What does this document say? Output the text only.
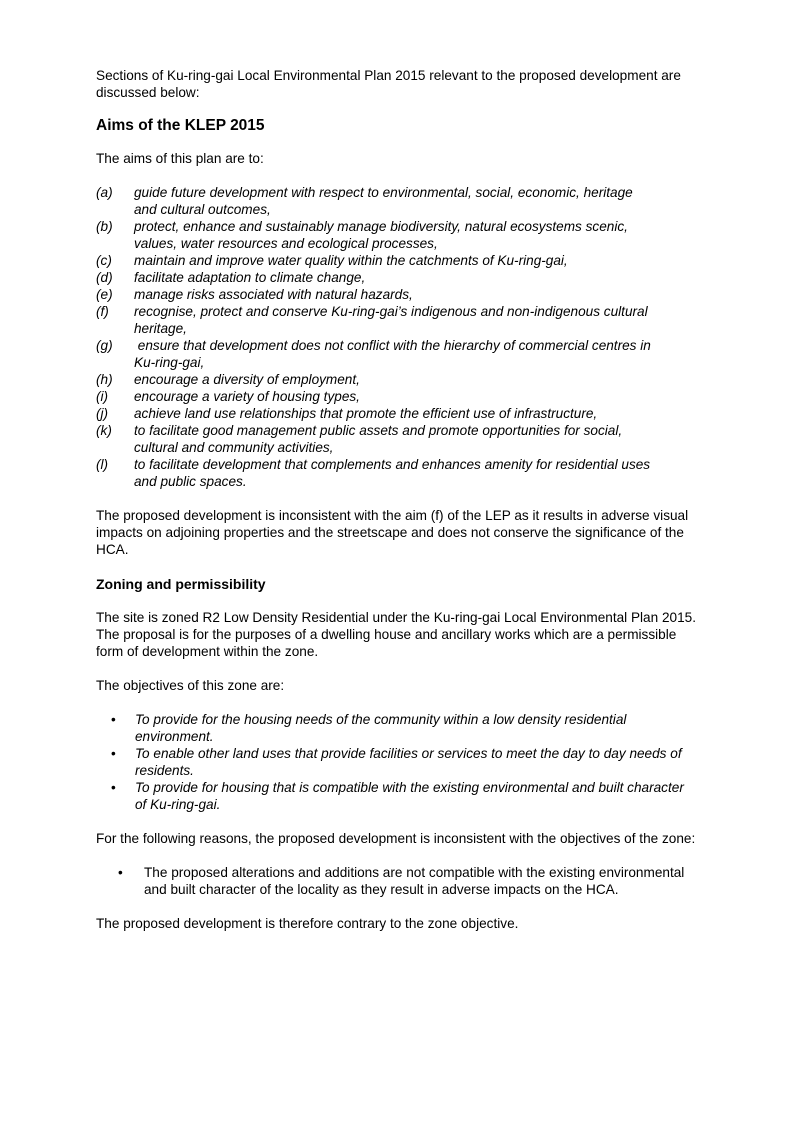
Sections of Ku-ring-gai Local Environmental Plan 2015 relevant to the proposed development are discussed below:

Aims of the KLEP 2015

The aims of this plan are to:

(a)	guide future development with respect to environmental, social, economic, heritage and cultural outcomes,
(b)	protect, enhance and sustainably manage biodiversity, natural ecosystems scenic, values, water resources and ecological processes,
(c)	maintain and improve water quality within the catchments of Ku-ring-gai,
(d)	facilitate adaptation to climate change,
(e)	manage risks associated with natural hazards,
(f)	recognise, protect and conserve Ku-ring-gai’s indigenous and non-indigenous cultural heritage,
(g)	ensure that development does not conflict with the hierarchy of commercial centres in Ku-ring-gai,
(h)	encourage a diversity of employment,
(i)	encourage a variety of housing types,
(j)	achieve land use relationships that promote the efficient use of infrastructure,
(k)	to facilitate good management public assets and promote opportunities for social, cultural and community activities,
(l)	to facilitate development that complements and enhances amenity for residential uses and public spaces.

The proposed development is inconsistent with the aim (f) of the LEP as it results in adverse visual impacts on adjoining properties and the streetscape and does not conserve the significance of the HCA.

Zoning and permissibility

The site is zoned R2 Low Density Residential under the Ku-ring-gai Local Environmental Plan 2015. The proposal is for the purposes of a dwelling house and ancillary works which are a permissible form of development within the zone.

The objectives of this zone are:

•	To provide for the housing needs of the community within a low density residential environment.
•	To enable other land uses that provide facilities or services to meet the day to day needs of residents.
•	To provide for housing that is compatible with the existing environmental and built character of Ku-ring-gai.

For the following reasons, the proposed development is inconsistent with the objectives of the zone:

•	The proposed alterations and additions are not compatible with the existing environmental and built character of the locality as they result in adverse impacts on the HCA.

The proposed development is therefore contrary to the zone objective.
